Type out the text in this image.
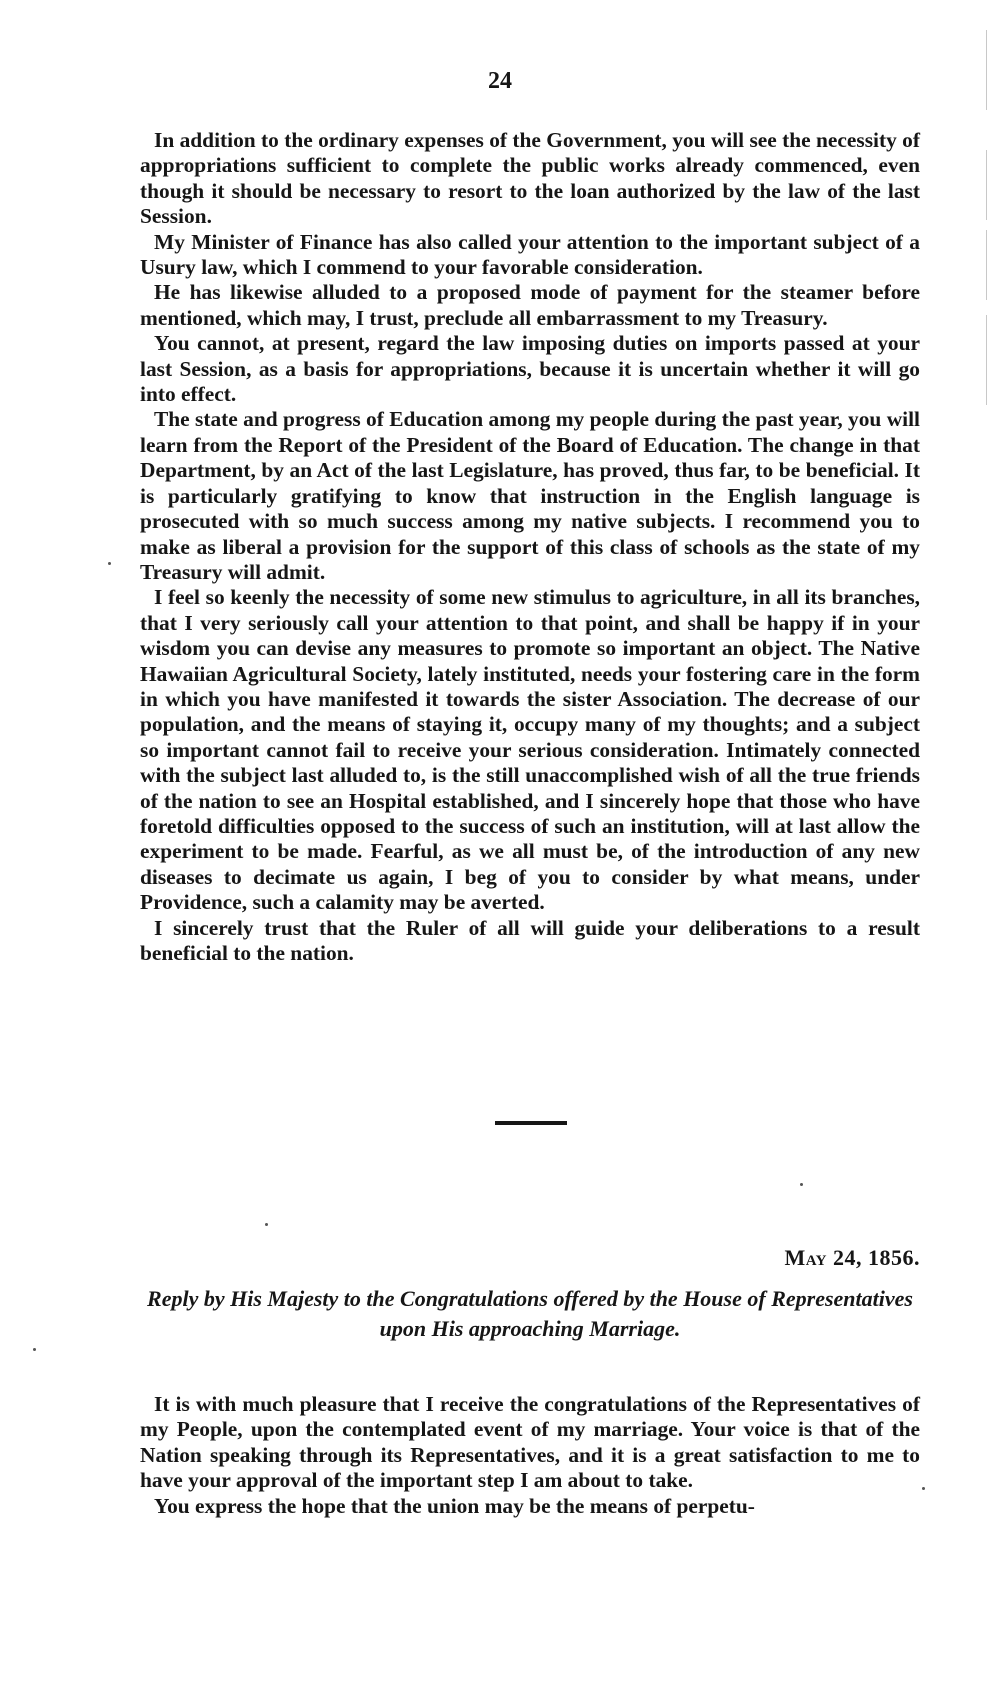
24

In addition to the ordinary expenses of the Government, you will see the necessity of appropriations sufficient to complete the public works already commenced, even though it should be necessary to resort to the loan authorized by the law of the last Session.

My Minister of Finance has also called your attention to the important subject of a Usury law, which I commend to your favorable consideration.

He has likewise alluded to a proposed mode of payment for the steamer before mentioned, which may, I trust, preclude all embarrassment to my Treasury.

You cannot, at present, regard the law imposing duties on imports passed at your last Session, as a basis for appropriations, because it is uncertain whether it will go into effect.

The state and progress of Education among my people during the past year, you will learn from the Report of the President of the Board of Education. The change in that Department, by an Act of the last Legislature, has proved, thus far, to be beneficial. It is particularly gratifying to know that instruction in the English language is prosecuted with so much success among my native subjects. I recommend you to make as liberal a provision for the support of this class of schools as the state of my Treasury will admit.

I feel so keenly the necessity of some new stimulus to agriculture, in all its branches, that I very seriously call your attention to that point, and shall be happy if in your wisdom you can devise any measures to promote so important an object. The Native Hawaiian Agricultural Society, lately instituted, needs your fostering care in the form in which you have manifested it towards the sister Association. The decrease of our population, and the means of staying it, occupy many of my thoughts; and a subject so important cannot fail to receive your serious consideration. Intimately connected with the subject last alluded to, is the still unaccomplished wish of all the true friends of the nation to see an Hospital established, and I sincerely hope that those who have foretold difficulties opposed to the success of such an institution, will at last allow the experiment to be made. Fearful, as we all must be, of the introduction of any new diseases to decimate us again, I beg of you to consider by what means, under Providence, such a calamity may be averted.

I sincerely trust that the Ruler of all will guide your deliberations to a result beneficial to the nation.

May 24, 1856.
Reply by His Majesty to the Congratulations offered by the House of Representatives upon His approaching Marriage.

It is with much pleasure that I receive the congratulations of the Representatives of my People, upon the contemplated event of my marriage. Your voice is that of the Nation speaking through its Representatives, and it is a great satisfaction to me to have your approval of the important step I am about to take.

You express the hope that the union may be the means of perpetu-
